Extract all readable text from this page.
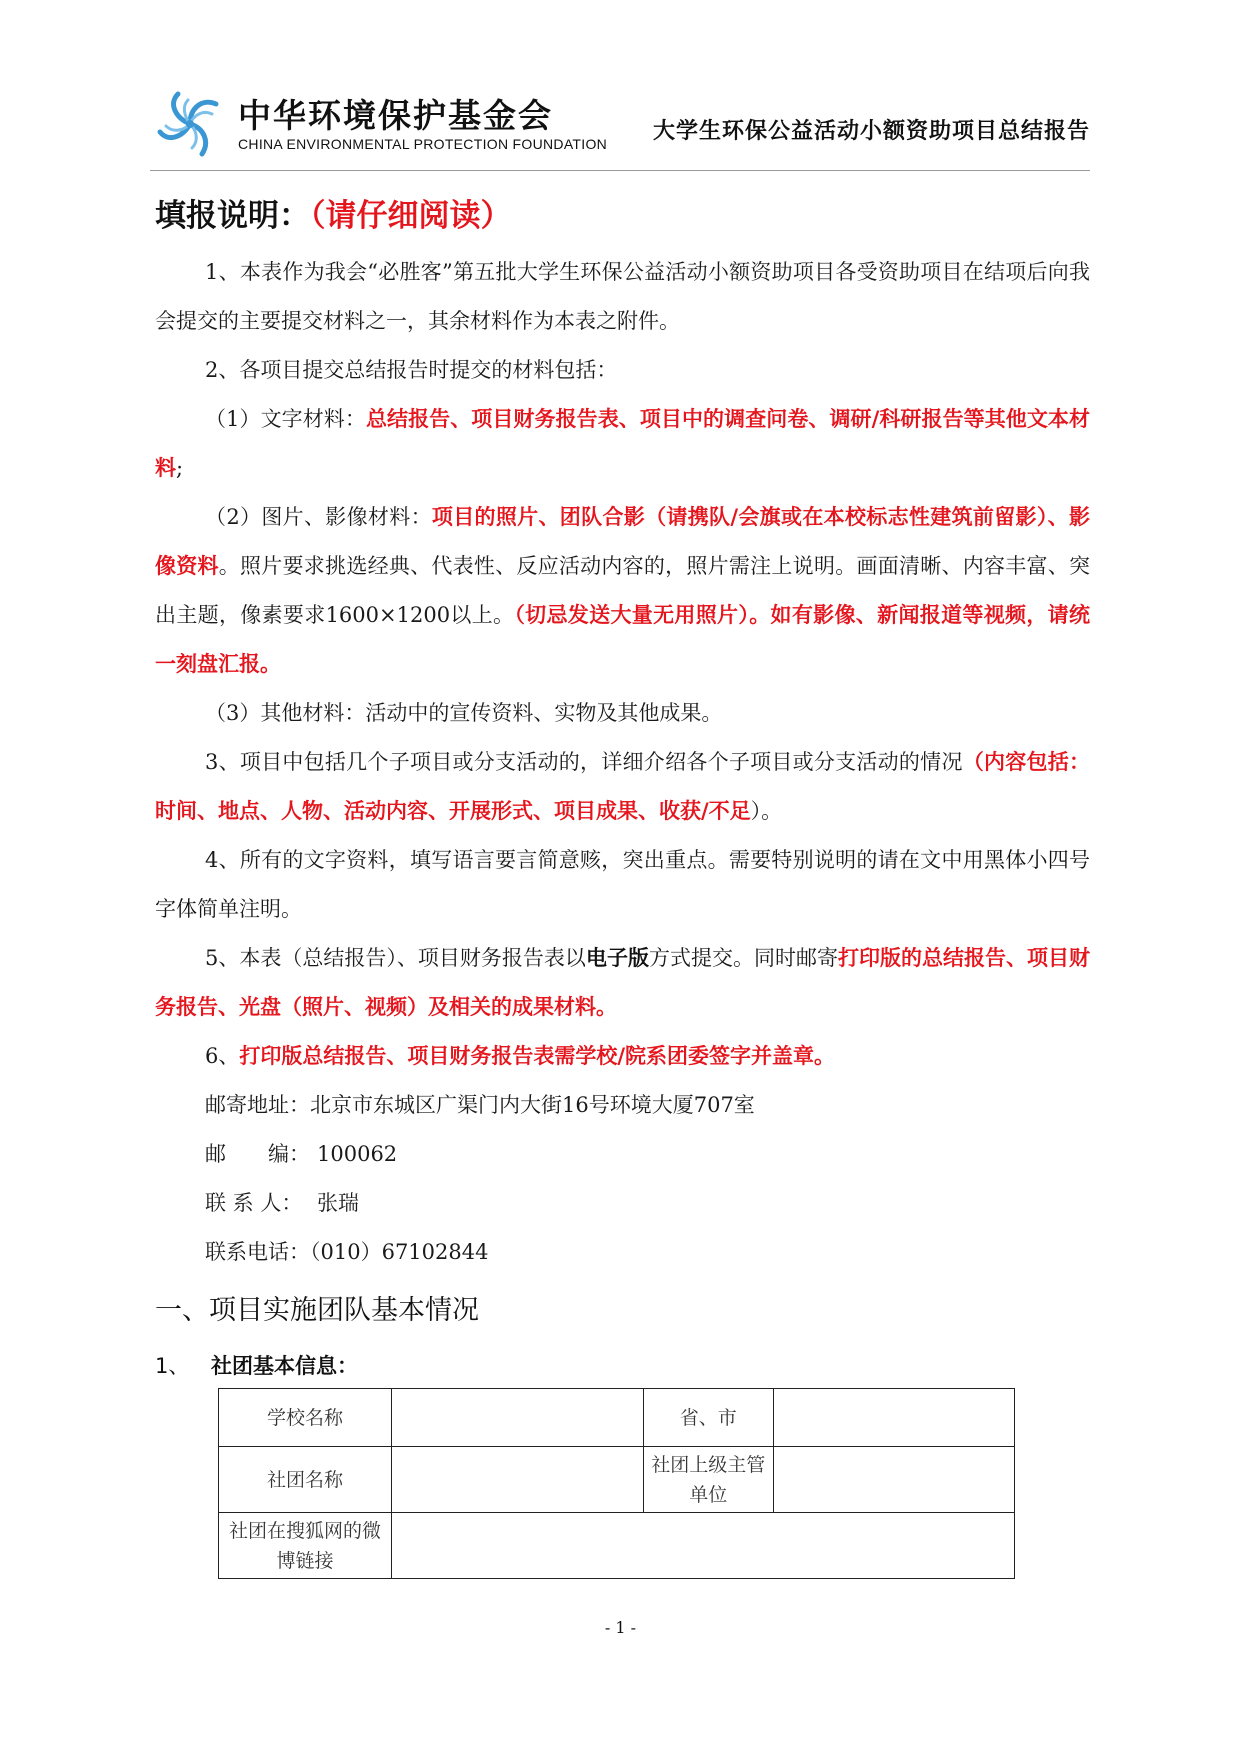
中华环境保护基金会
CHINA ENVIRONMENTAL PROTECTION FOUNDATION 大学生环保公益活动小额资助项目总结报告
填报说明：（请仔细阅读）

1、本表作为我会“必胜客”第五批大学生环保公益活动小额资助项目各受资助项目在结项后向我会提交的主要提交材料之一，其余材料作为本表之附件。

2、各项目提交总结报告时提交的材料包括：

（1）文字材料：总结报告、项目财务报告表、项目中的调查问卷、调研/科研报告等其他文本材料;

（2）图片、影像材料：项目的照片、团队合影（请携队/会旗或在本校标志性建筑前留影）、影像资料。照片要求挑选经典、代表性、反应活动内容的，照片需注上说明。画面清晰、内容丰富、突出主题，像素要求1600×1200以上。（切忌发送大量无用照片）。如有影像、新闻报道等视频，请统一刻盘汇报。

（3）其他材料：活动中的宣传资料、实物及其他成果。

3、项目中包括几个子项目或分支活动的，详细介绍各个子项目或分支活动的情况（内容包括：时间、地点、人物、活动内容、开展形式、项目成果、收获/不足）。

4、所有的文字资料，填写语言要言简意赅，突出重点。需要特别说明的请在文中用黑体小四号字体简单注明。

5、本表（总结报告）、项目财务报告表以电子版方式提交。同时邮寄打印版的总结报告、项目财务报告、光盘（照片、视频）及相关的成果材料。

6、打印版总结报告、项目财务报告表需学校/院系团委签字并盖章。

邮寄地址：北京市东城区广渠门内大街16号环境大厦707室

邮　　编： 100062

联 系 人： 张瑞

联系电话：（010）67102844

一、项目实施团队基本情况
1、 社团基本信息：
学校名称		省、市	
社团名称		社团上级主管单位	
社团在搜狐网的微博链接			
- 1 -
